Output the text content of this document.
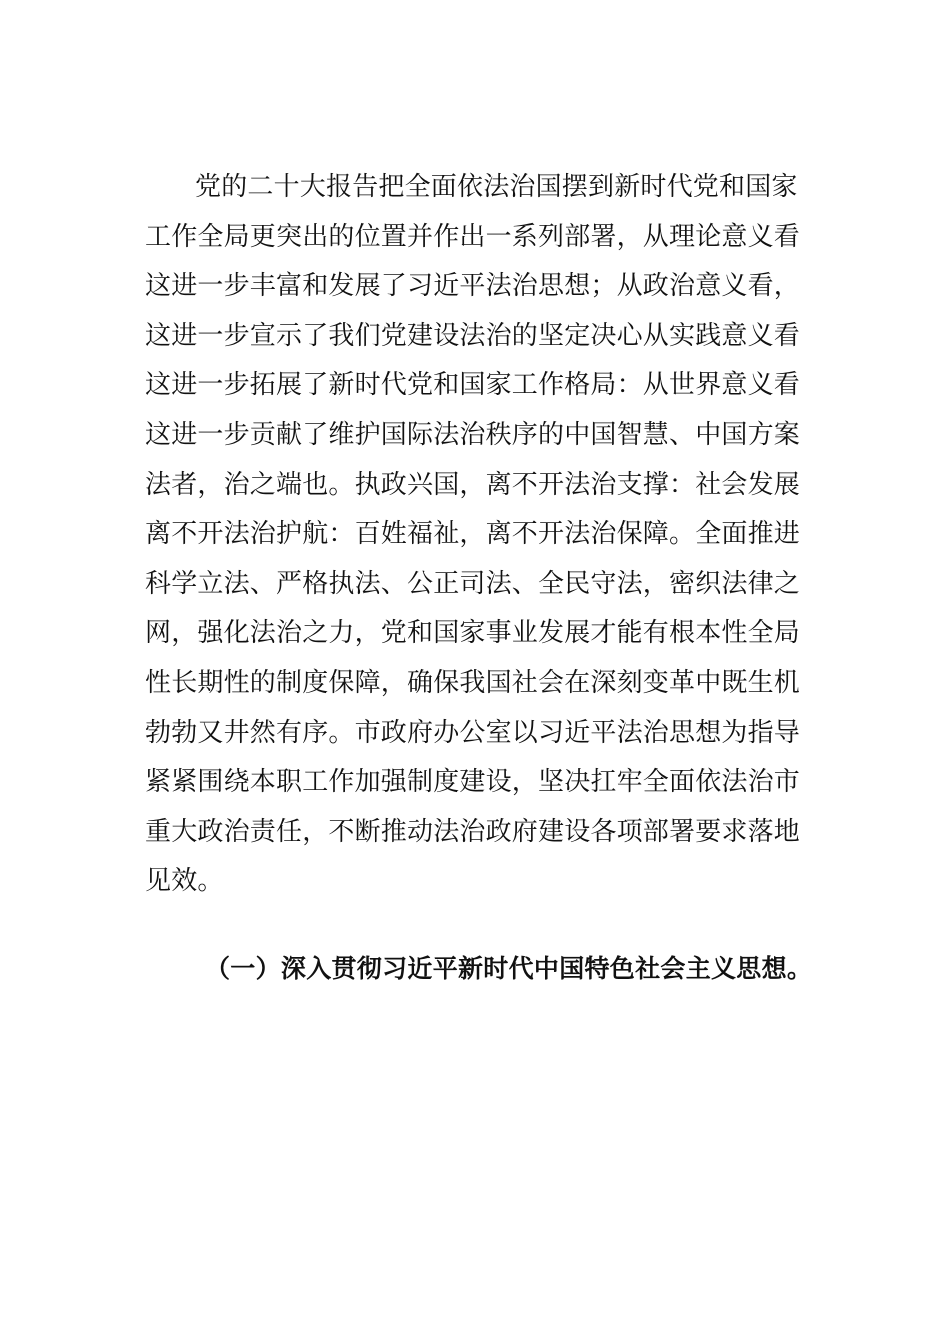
党的二十大报告把全面依法治国摆到新时代党和国家
工作全局更突出的位置并作出一系列部署，从理论意义看
这进一步丰富和发展了习近平法治思想；从政治意义看，
这进一步宣示了我们党建设法治的坚定决心从实践意义看
这进一步拓展了新时代党和国家工作格局：从世界意义看
这进一步贡献了维护国际法治秩序的中国智慧、中国方案
法者，治之端也。执政兴国，离不开法治支撑：社会发展
离不开法治护航：百姓福祉，离不开法治保障。全面推进
科学立法、严格执法、公正司法、全民守法，密织法律之
网，强化法治之力，党和国家事业发展才能有根本性全局
性长期性的制度保障，确保我国社会在深刻变革中既生机
勃勃又井然有序。市政府办公室以习近平法治思想为指导
紧紧围绕本职工作加强制度建设，坚决扛牢全面依法治市
重大政治责任，不断推动法治政府建设各项部署要求落地
见效。
（一）深入贯彻习近平新时代中国特色社会主义思想。
